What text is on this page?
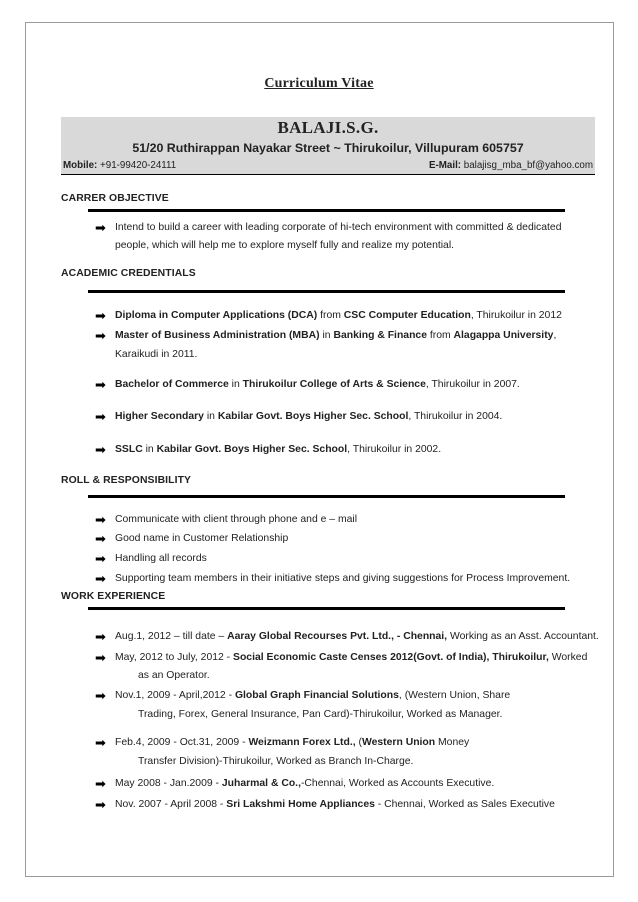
Curriculum Vitae
BALAJI.S.G.
51/20 Ruthirappan Nayakar Street ~ Thirukoilur, Villupuram 605757
Mobile: +91-99420-24111	E-Mail: balajisg_mba_bf@yahoo.com
CARRER OBJECTIVE
➡ Intend to build a career with leading corporate of hi-tech environment with committed & dedicated
people, which will help me to explore myself fully and realize my potential.
ACADEMIC CREDENTIALS
➡ Diploma in Computer Applications (DCA) from CSC Computer Education, Thirukoilur in 2012
➡ Master of Business Administration (MBA) in Banking & Finance from Alagappa University,
Karaikudi in 2011.
➡ Bachelor of Commerce in Thirukoilur College of Arts & Science, Thirukoilur in 2007.
➡ Higher Secondary in Kabilar Govt. Boys Higher Sec. School, Thirukoilur in 2004.
➡ SSLC in Kabilar Govt. Boys Higher Sec. School, Thirukoilur in 2002.
ROLL & RESPONSIBILITY
➡ Communicate with client through phone and e – mail
➡ Good name in Customer Relationship
➡ Handling all records
➡ Supporting team members in their initiative steps and giving suggestions for Process Improvement.
WORK EXPERIENCE
➡ Aug.1, 2012 – till date – Aaray Global Recourses Pvt. Ltd., - Chennai, Working as an Asst. Accountant.
➡ May, 2012 to July, 2012 - Social Economic Caste Censes 2012(Govt. of India), Thirukoilur, Worked
as an Operator.
➡ Nov.1, 2009 - April,2012 - Global Graph Financial Solutions, (Western Union, Share
Trading, Forex, General Insurance, Pan Card)-Thirukoilur, Worked as Manager.
➡ Feb.4, 2009 - Oct.31, 2009 - Weizmann Forex Ltd., (Western Union Money
Transfer Division)-Thirukoilur, Worked as Branch In-Charge.
➡ May 2008 - Jan.2009 - Juharmal & Co.,-Chennai, Worked as Accounts Executive.
➡ Nov. 2007 - April 2008 - Sri Lakshmi Home Appliances - Chennai, Worked as Sales Executive
